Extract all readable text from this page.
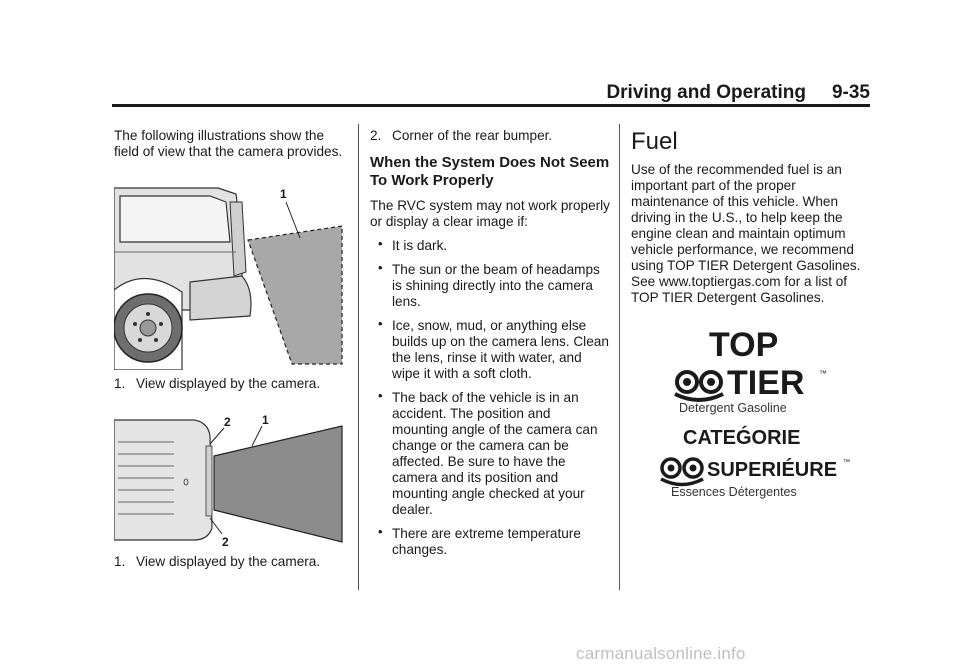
Driving and Operating 9-35

The following illustrations show the field of view that the camera provides.

1

1. View displayed by the camera.

2	1
2

1. View displayed by the camera.

2. Corner of the rear bumper.

When the System Does Not Seem To Work Properly

The RVC system may not work properly or display a clear image if:

• It is dark.
• The sun or the beam of headamps is shining directly into the camera lens.
• Ice, snow, mud, or anything else builds up on the camera lens. Clean the lens, rinse it with water, and wipe it with a soft cloth.
• The back of the vehicle is in an accident. The position and mounting angle of the camera can change or the camera can be affected. Be sure to have the camera and its position and mounting angle checked at your dealer.
• There are extreme temperature changes.
Fuel

Use of the recommended fuel is an important part of the proper maintenance of this vehicle. When driving in the U.S., to help keep the engine clean and maintain optimum vehicle performance, we recommend using TOP TIER Detergent Gasolines. See www.toptiergas.com for a list of TOP TIER Detergent Gasolines.

TOP
TIER ™
Detergent Gasoline
CATEǴORIE
SUPERIÉURE ™
Essences Détergentes
carmanualsonline.info
